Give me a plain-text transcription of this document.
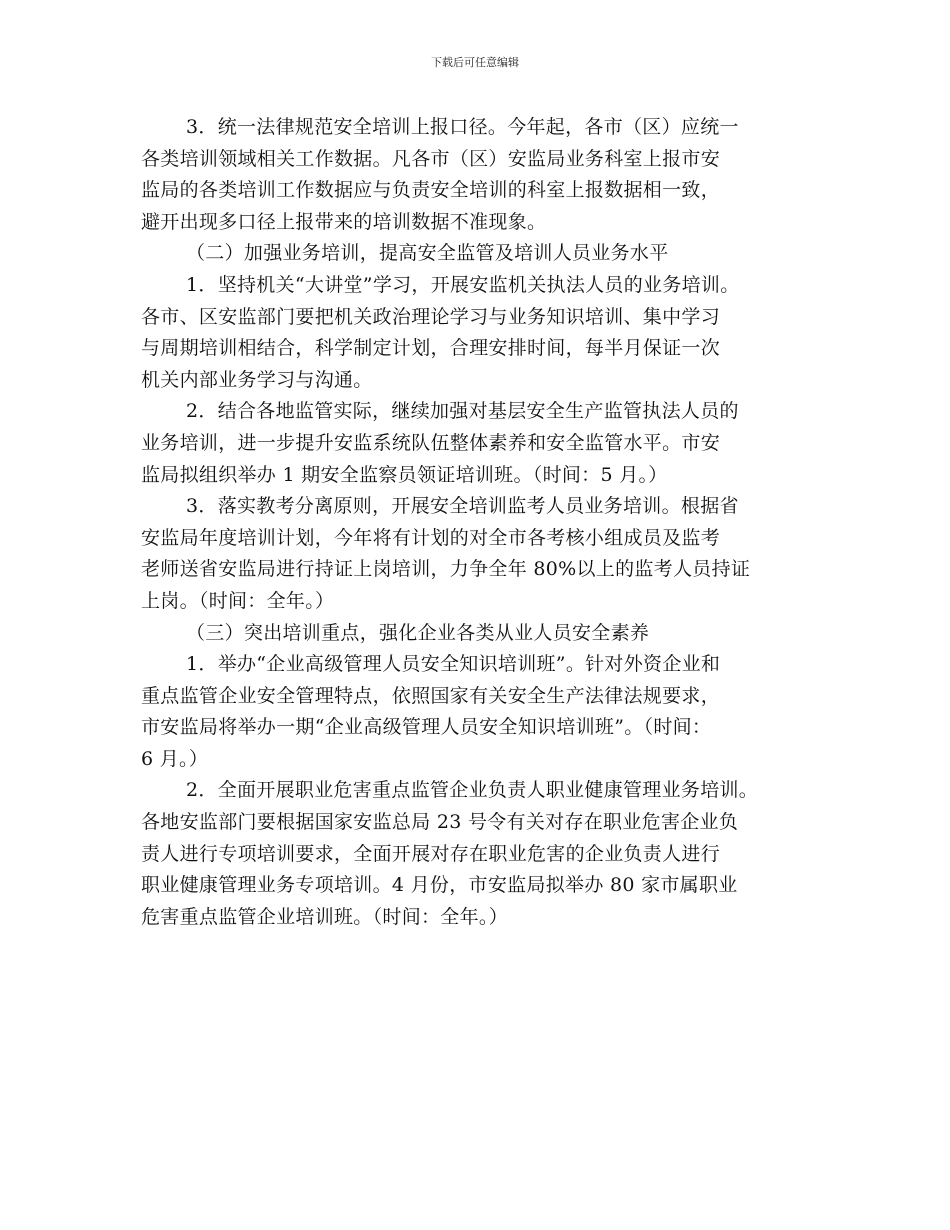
下载后可任意编辑
3．统一法律规范安全培训上报口径。今年起，各市（区）应统一
各类培训领域相关工作数据。凡各市（区）安监局业务科室上报市安
监局的各类培训工作数据应与负责安全培训的科室上报数据相一致，
避开出现多口径上报带来的培训数据不准现象。
（二）加强业务培训，提高安全监管及培训人员业务水平
1．坚持机关“大讲堂”学习，开展安监机关执法人员的业务培训。
各市、区安监部门要把机关政治理论学习与业务知识培训、集中学习
与周期培训相结合，科学制定计划，合理安排时间，每半月保证一次
机关内部业务学习与沟通。
2．结合各地监管实际，继续加强对基层安全生产监管执法人员的
业务培训，进一步提升安监系统队伍整体素养和安全监管水平。市安
监局拟组织举办 1 期安全监察员领证培训班。（时间：5 月。）
3．落实教考分离原则，开展安全培训监考人员业务培训。根据省
安监局年度培训计划，今年将有计划的对全市各考核小组成员及监考
老师送省安监局进行持证上岗培训，力争全年 80%以上的监考人员持证
上岗。（时间：全年。）
（三）突出培训重点，强化企业各类从业人员安全素养
1．举办“企业高级管理人员安全知识培训班”。针对外资企业和
重点监管企业安全管理特点，依照国家有关安全生产法律法规要求，
市安监局将举办一期“企业高级管理人员安全知识培训班”。（时间：
6 月。）
2．全面开展职业危害重点监管企业负责人职业健康管理业务培训。
各地安监部门要根据国家安监总局 23 号令有关对存在职业危害企业负
责人进行专项培训要求，全面开展对存在职业危害的企业负责人进行
职业健康管理业务专项培训。4 月份，市安监局拟举办 80 家市属职业
危害重点监管企业培训班。（时间：全年。）
